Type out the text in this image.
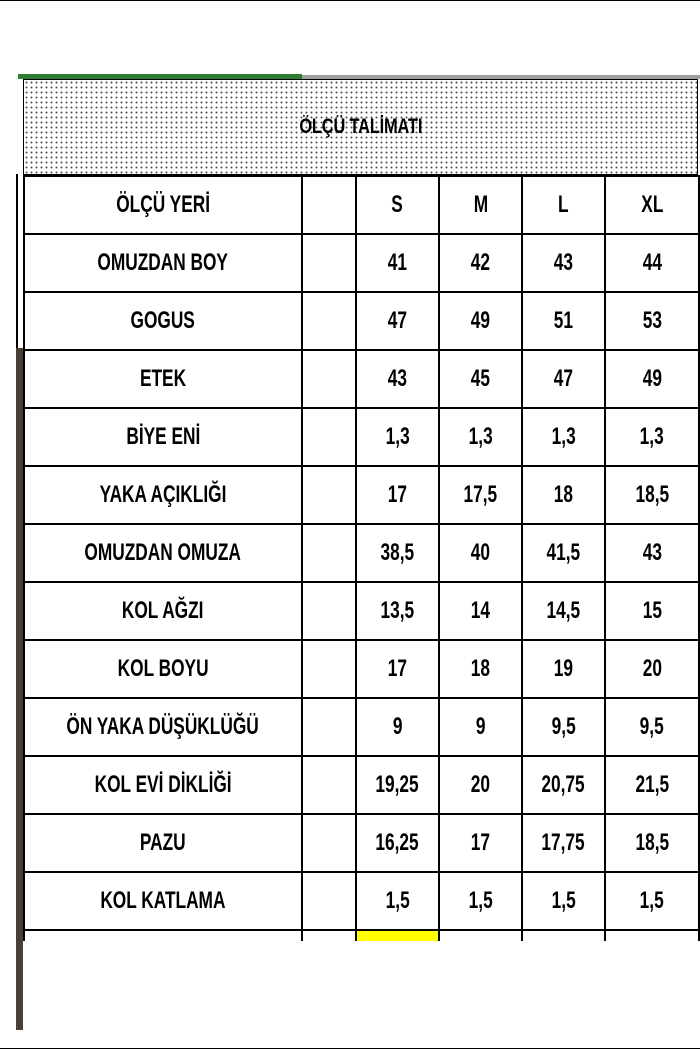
ÖLÇÜ TALİMATI
ÖLÇÜ YERİ		S	M	L	XL
OMUZDAN BOY		41	42	43	44
GOGUS		47	49	51	53
ETEK		43	45	47	49
BİYE ENİ		1,3	1,3	1,3	1,3
YAKA AÇIKLIĞI		17	17,5	18	18,5
OMUZDAN OMUZA		38,5	40	41,5	43
KOL AĞZI		13,5	14	14,5	15
KOL BOYU		17	18	19	20
ÖN YAKA DÜŞÜKLÜĞÜ		9	9	9,5	9,5
KOL EVİ DİKLİĞİ		19,25	20	20,75	21,5
PAZU		16,25	17	17,75	18,5
KOL KATLAMA		1,5	1,5	1,5	1,5
